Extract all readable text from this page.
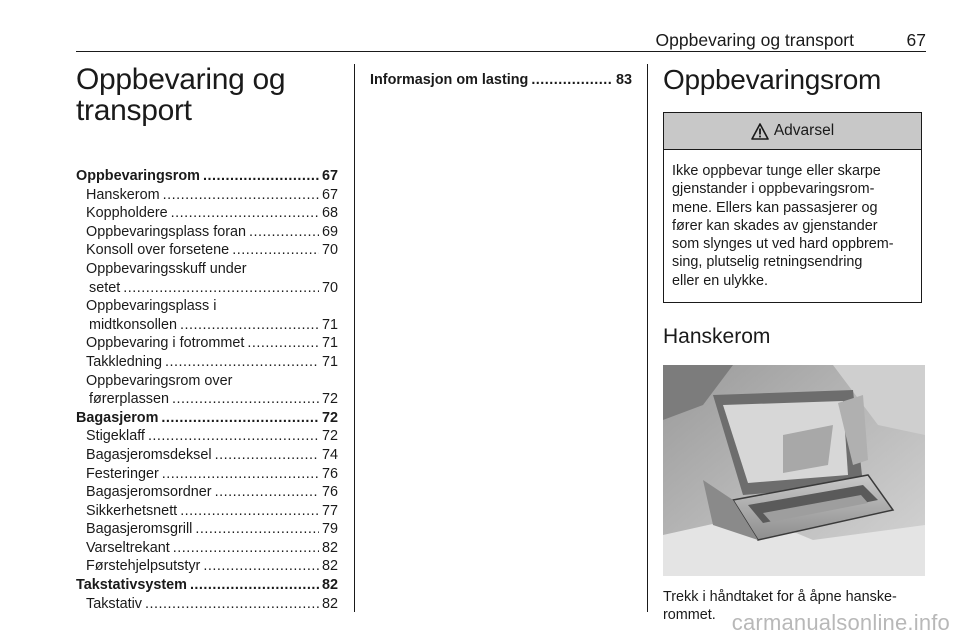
Oppbevaring og transport	67
Oppbevaring og transport
Oppbevaringsrom .....	67
Hanskerom .....	67
Koppholdere .....	68
Oppbevaringsplass foran .....	69
Konsoll over forsetene .....	70
Oppbevaringsskuff under
setet .....	70
Oppbevaringsplass i
midtkonsollen .....	71
Oppbevaring i fotrommet .....	71
Takkledning .....	71
Oppbevaringsrom over
førerplassen .....	72
Bagasjerom .....	72
Stigeklaff .....	72
Bagasjeromsdeksel .....	74
Festeringer .....	76
Bagasjeromsordner .....	76
Sikkerhetsnett .....	77
Bagasjeromsgrill .....	79
Varseltrekant .....	82
Førstehjelpsutstyr .....	82
Takstativsystem .....	82
Takstativ .....	82
Informasjon om lasting .....	83 Oppbevaringsrom
Advarsel
Ikke oppbevar tunge eller skarpe
gjenstander i oppbevaringsrom-
mene. Ellers kan passasjerer og
fører kan skades av gjenstander
som slynges ut ved hard oppbrem-
sing, plutselig retningsendring
eller en ulykke.
Hanskerom
Trekk i håndtaket for å åpne hanske-
rommet. carmanualsonline.info
